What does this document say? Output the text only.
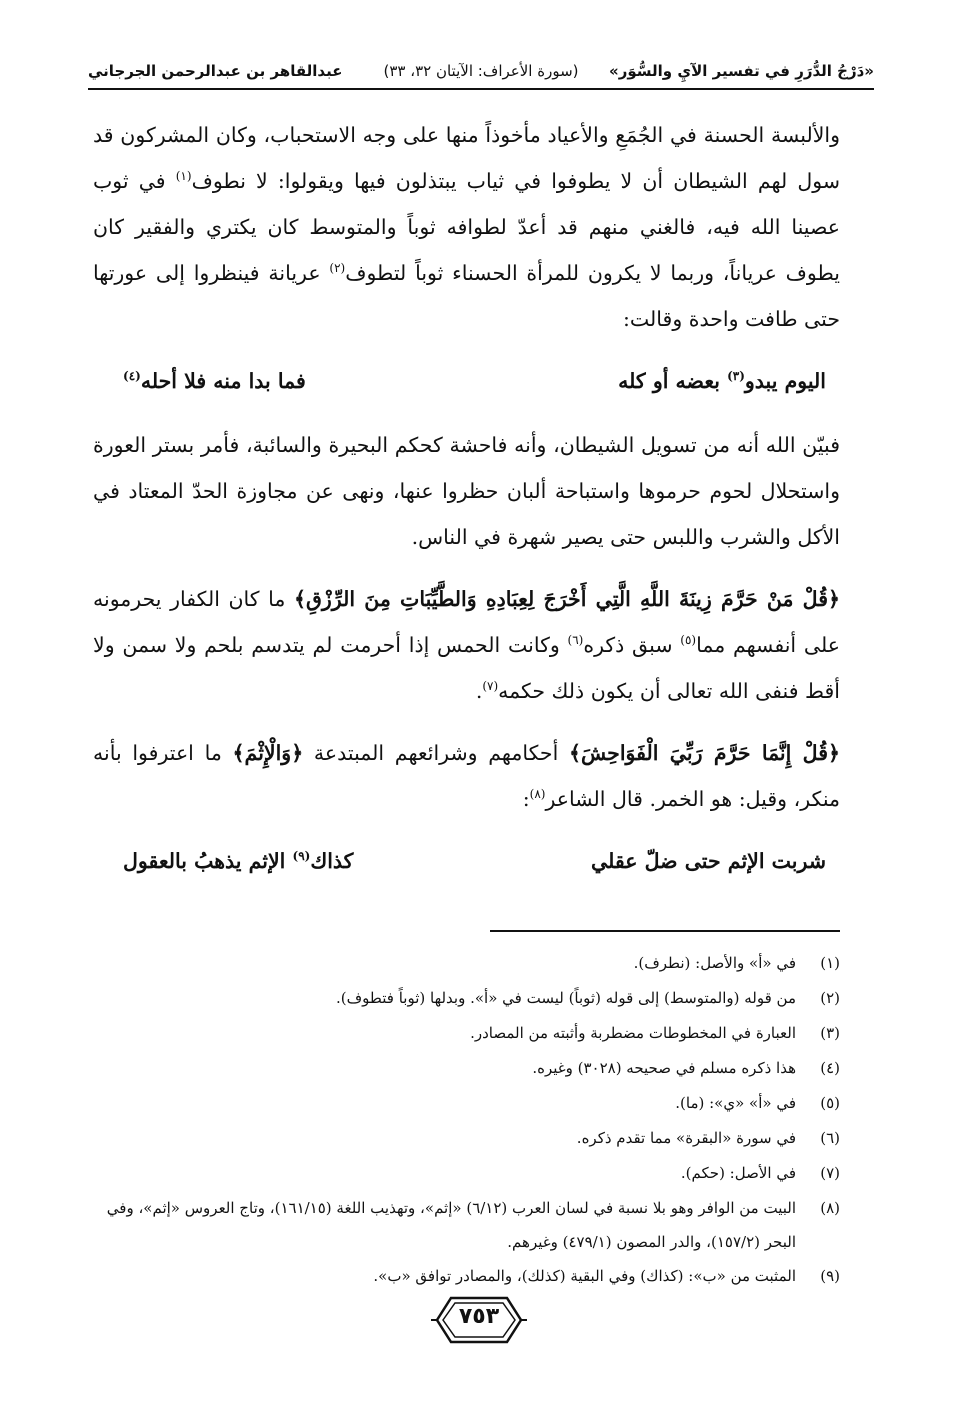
«دَرْجُ الدُّرَرِ في تفسير الآيِ والسُّوَر»
(سورة الأعراف: الآيتان ٣٢، ٣٣)
عبدالقاهر بن عبدالرحمن الجرجاني

والألبسة الحسنة في الجُمَعِ والأعياد مأخوذاً منها على وجه الاستحباب، وكان المشركون قد سول لهم الشيطان أن لا يطوفوا في ثياب يبتذلون فيها ويقولوا: لا نطوف$^{(١)}$ في ثوب عصينا الله فيه، فالغني منهم قد أعدّ لطوافه ثوباً والمتوسط كان يكتري والفقير كان يطوف عرياناً، وربما لا يكرون للمرأة الحسناء ثوباً لتطوف$^{(٢)}$ عريانة فينظروا إلى عورتها حتى طافت واحدة وقالت:

اليوم يبدو$^{(٣)}$ بعضه أو كله
فما بدا منه فلا أحله$^{(٤)}$

فبيّن الله أنه من تسويل الشيطان، وأنه فاحشة كحكم البحيرة والسائبة، فأمر بستر العورة واستحلال لحوم حرموها واستباحة ألبان حظروا عنها، ونهى عن مجاوزة الحدّ المعتاد في الأكل والشرب واللبس حتى يصير شهرة في الناس.

﴿قُلْ مَنْ حَرَّمَ زِينَةَ اللَّهِ الَّتِي أَخْرَجَ لِعِبَادِهِ وَالطَّيِّبَاتِ مِنَ الرِّزْقِ﴾ ما كان الكفار يحرمونه على أنفسهم مما$^{(٥)}$ سبق ذكره$^{(٦)}$ وكانت الحمس إذا أحرمت لم يتدسم بلحم ولا سمن ولا أقط فنفى الله تعالى أن يكون ذلك حكمه$^{(٧)}$.

﴿قُلْ إِنَّمَا حَرَّمَ رَبِّيَ الْفَوَاحِشَ﴾ أحكامهم وشرائعهم المبتدعة ﴿وَالْإِثْمَ﴾ ما اعترفوا بأنه منكر، وقيل: هو الخمر. قال الشاعر$^{(٨)}$:

شربت الإثم حتى ضلّ عقلي
كذاك$^{(٩)}$ الإثم يذهبُ بالعقول

(١)
في «أ» والأصل: (نطرف).

(٢)
من قوله (والمتوسط) إلى قوله (ثوباً) ليست في «أ». وبدلها (ثوباً فتطوف).

(٣)
العبارة في المخطوطات مضطربة وأثبته من المصادر.

(٤)
هذا ذكره مسلم في صحيحه (٣٠٢٨) وغيره.

(٥)
في «أ» «ي»: (ما).

(٦)
في سورة «البقرة» مما تقدم ذكره.

(٧)
في الأصل: (حكم).

(٨)
البيت من الوافر وهو بلا نسبة في لسان العرب (٦/١٢) «إثم»، وتهذيب اللغة (١٦١/١٥)، وتاج العروس «إثم»، وفي البحر (١٥٧/٢)، والدر المصون (٤٧٩/١) وغيرهم.

(٩)
المثبت من «ب»: (كذاك) وفي البقية (كذلك)، والمصادر توافق «ب».

٧٥٣
